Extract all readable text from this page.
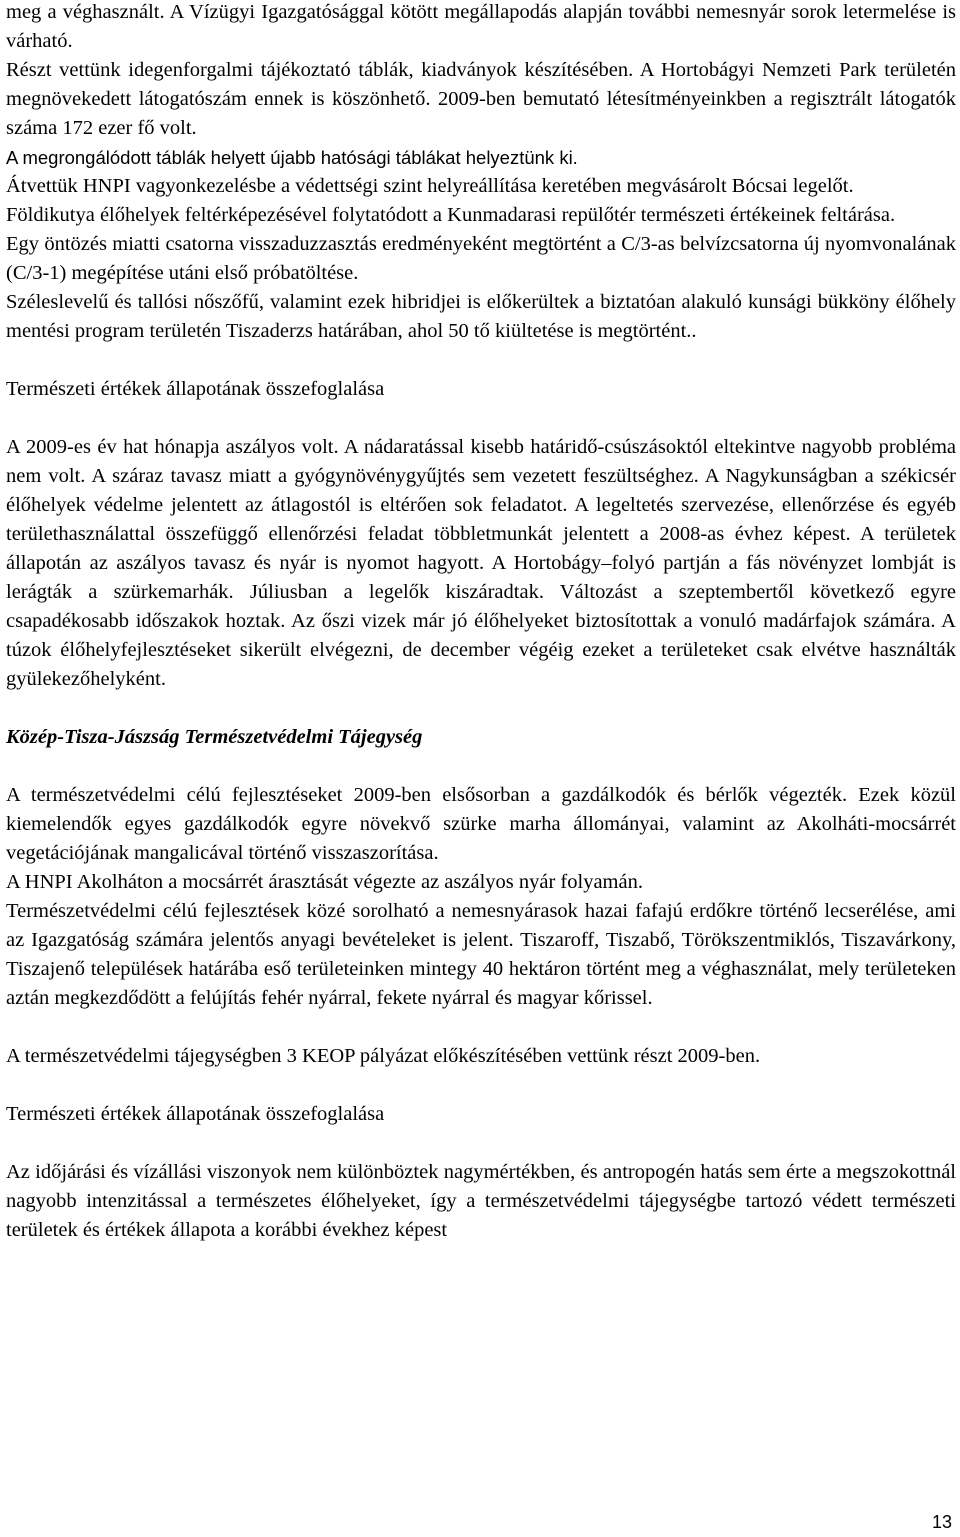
meg a véghasznált. A Vízügyi Igazgatósággal kötött megállapodás alapján további nemesnyár sorok letermelése is várható.

Részt vettünk idegenforgalmi tájékoztató táblák, kiadványok készítésében. A Hortobágyi Nemzeti Park területén megnövekedett látogatószám ennek is köszönhető. 2009-ben bemutató létesítményeinkben a regisztrált látogatók száma 172 ezer fő volt.

A megrongálódott táblák helyett újabb hatósági táblákat helyeztünk ki.

Átvettük HNPI vagyonkezelésbe a védettségi szint helyreállítása keretében megvásárolt Bócsai legelőt.

Földikutya élőhelyek feltérképezésével folytatódott a Kunmadarasi repülőtér természeti értékeinek feltárása.

Egy öntözés miatti csatorna visszaduzzasztás eredményeként megtörtént a C/3-as belvízcsatorna új nyomvonalának (C/3-1) megépítése utáni első próbatöltése.

Széleslevelű és tallósi nőszőfű, valamint ezek hibridjei is előkerültek a biztatóan alakuló kunsági bükköny élőhely mentési program területén Tiszaderzs határában, ahol 50 tő kiültetése is megtörtént..

Természeti értékek állapotának összefoglalása

A 2009-es év hat hónapja aszályos volt. A nádaratással kisebb határidő-csúszásoktól eltekintve nagyobb probléma nem volt. A száraz tavasz miatt a gyógynövénygyűjtés sem vezetett feszültséghez. A Nagykunságban a székicsér élőhelyek védelme jelentett az átlagostól is eltérően sok feladatot. A legeltetés szervezése, ellenőrzése és egyéb területhasználattal összefüggő ellenőrzési feladat többletmunkát jelentett a 2008-as évhez képest. A területek állapotán az aszályos tavasz és nyár is nyomot hagyott. A Hortobágy–folyó partján a fás növényzet lombját is lerágták a szürkemarhák. Júliusban a legelők kiszáradtak. Változást a szeptembertől következő egyre csapadékosabb időszakok hoztak. Az őszi vizek már jó élőhelyeket biztosítottak a vonuló madárfajok számára. A túzok élőhelyfejlesztéseket sikerült elvégezni, de december végéig ezeket a területeket csak elvétve használták gyülekezőhelyként.

Közép-Tisza-Jászság Természetvédelmi Tájegység

A természetvédelmi célú fejlesztéseket 2009-ben elsősorban a gazdálkodók és bérlők végezték. Ezek közül kiemelendők egyes gazdálkodók egyre növekvő szürke marha állományai, valamint az Akolháti-mocsárrét vegetációjának mangalicával történő visszaszorítása.

A HNPI Akolháton a mocsárrét árasztását végezte az aszályos nyár folyamán.

Természetvédelmi célú fejlesztések közé sorolható a nemesnyárasok hazai fafajú erdőkre történő lecserélése, ami az Igazgatóság számára jelentős anyagi bevételeket is jelent. Tiszaroff, Tiszabő, Törökszentmiklós, Tiszavárkony, Tiszajenő települések határába eső területeinken mintegy 40 hektáron történt meg a véghasználat, mely területeken aztán megkezdődött a felújítás fehér nyárral, fekete nyárral és magyar kőrissel.

A természetvédelmi tájegységben 3 KEOP pályázat előkészítésében vettünk részt 2009-ben.

Természeti értékek állapotának összefoglalása

Az időjárási és vízállási viszonyok nem különböztek nagymértékben, és antropogén hatás sem érte a megszokottnál nagyobb intenzitással a természetes élőhelyeket, így a természetvédelmi tájegységbe tartozó védett természeti területek és értékek állapota a korábbi évekhez képest

13
